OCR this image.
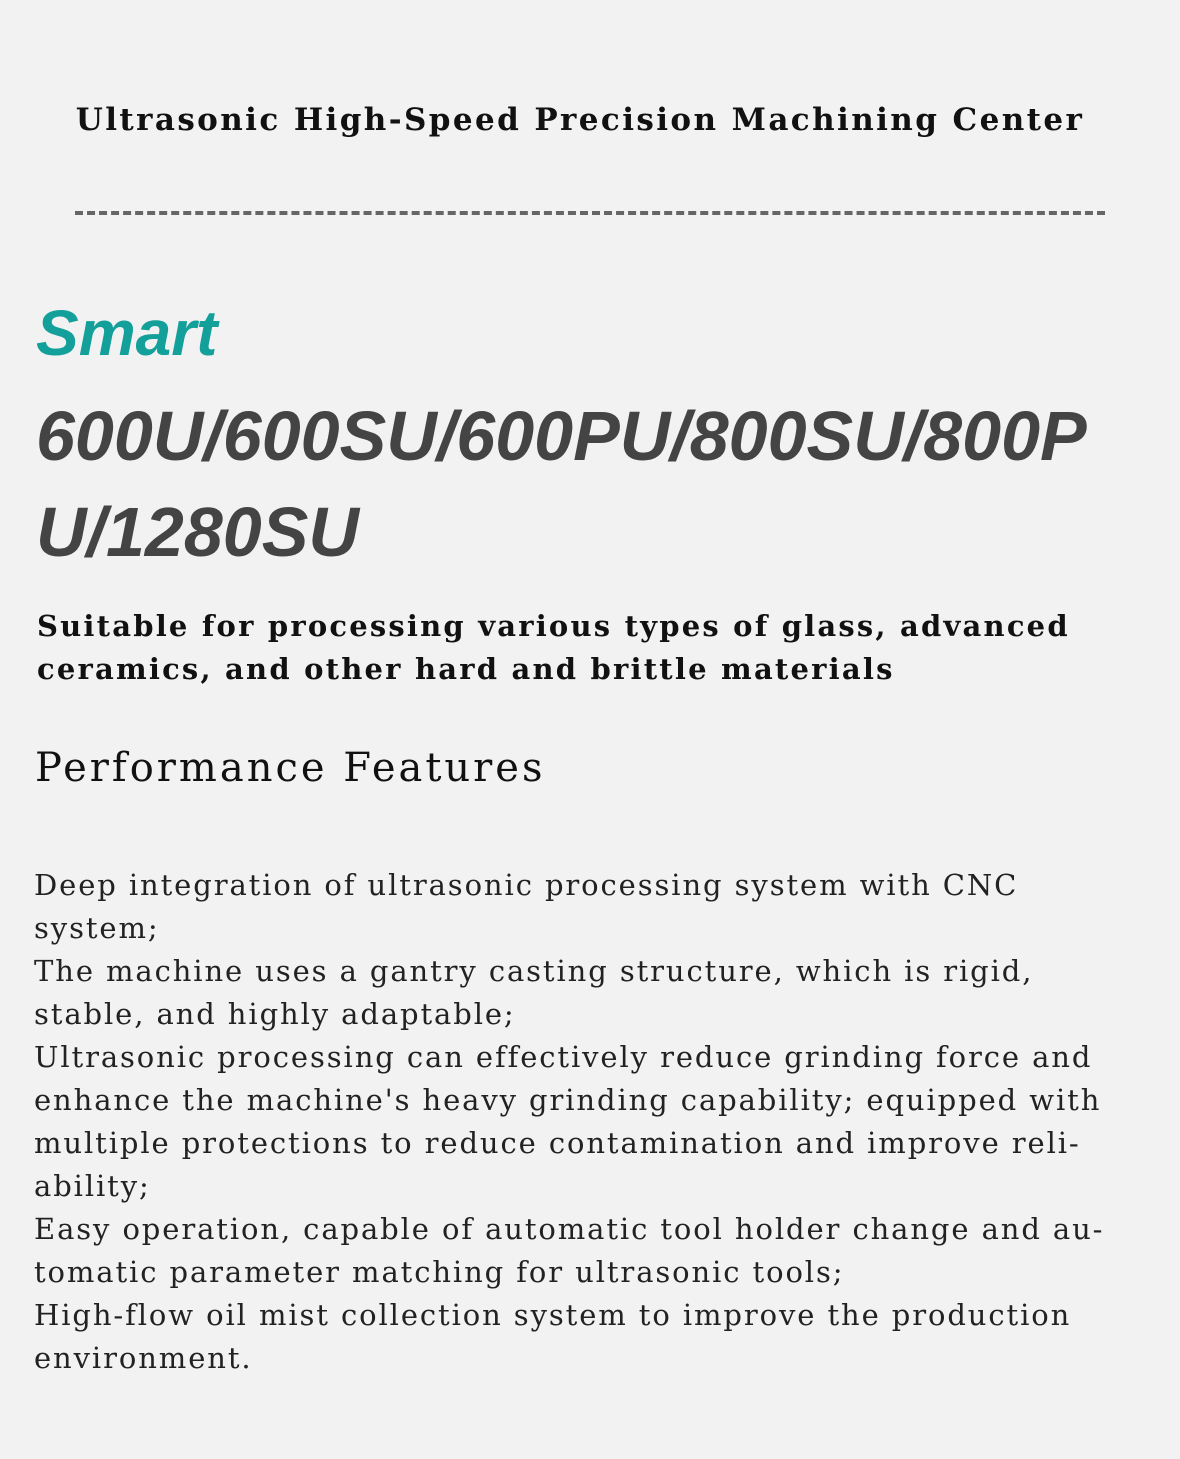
Ultrasonic High-Speed Precision Machining Center
Smart
600U/600SU/600PU/800SU/800PU/1280SU
Suitable for processing various types of glass, advanced ceramics, and other hard and brittle materials
Performance Features
Deep integration of ultrasonic processing system with CNC system;
The machine uses a gantry casting structure, which is rigid, stable, and highly adaptable;
Ultrasonic processing can effectively reduce grinding force and enhance the machine's heavy grinding capability; equipped with multiple protections to reduce contamination and improve reli-ability;
Easy operation, capable of automatic tool holder change and au-tomatic parameter matching for ultrasonic tools;
High-flow oil mist collection system to improve the production environment.
